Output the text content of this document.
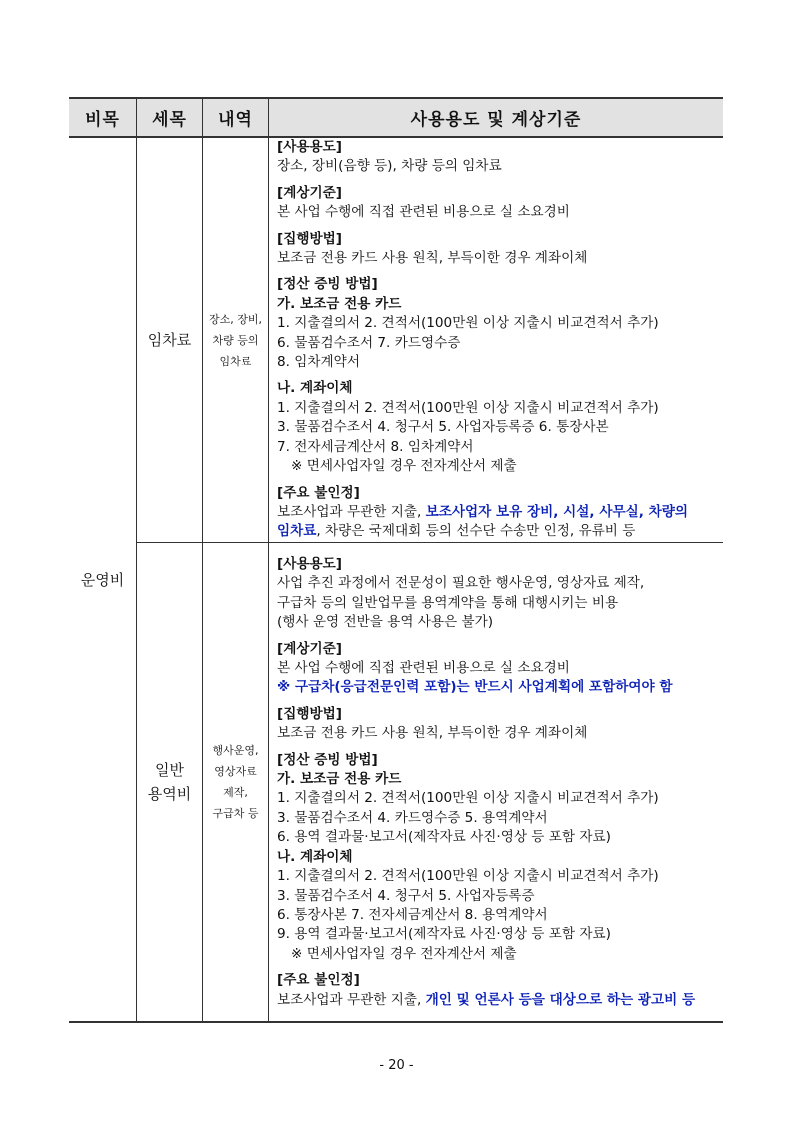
비목 세목 내역	사용용도 및 계상기준
운영비
임차료
장소, 장비,
차량 등의
임차료
일반
용역비
행사운영,
영상자료
제작,
구급차 등
[사용용도]
장소, 장비(음향 등), 차량 등의 임차료
[계상기준]
본 사업 수행에 직접 관련된 비용으로 실 소요경비
[집행방법]
보조금 전용 카드 사용 원칙, 부득이한 경우 계좌이체
[정산 증빙 방법]
가. 보조금 전용 카드
1. 지출결의서 2. 견적서(100만원 이상 지출시 비교견적서 추가)
6. 물품검수조서 7. 카드영수증
8. 임차계약서
나. 계좌이체
1. 지출결의서 2. 견적서(100만원 이상 지출시 비교견적서 추가)
3. 물품검수조서 4. 청구서 5. 사업자등록증 6. 통장사본
7. 전자세금계산서 8. 임차계약서
※ 면세사업자일 경우 전자계산서 제출
[주요 불인정]
보조사업과 무관한 지출, 보조사업자 보유 장비, 시설, 사무실, 차량의
임차료, 차량은 국제대회 등의 선수단 수송만 인정, 유류비 등
[사용용도]
사업 추진 과정에서 전문성이 필요한 행사운영, 영상자료 제작,
구급차 등의 일반업무를 용역계약을 통해 대행시키는 비용
(행사 운영 전반을 용역 사용은 불가)
[계상기준]
본 사업 수행에 직접 관련된 비용으로 실 소요경비
※ 구급차(응급전문인력 포함)는 반드시 사업계획에 포함하여야 함
[집행방법]
보조금 전용 카드 사용 원칙, 부득이한 경우 계좌이체
[정산 증빙 방법]
가. 보조금 전용 카드
1. 지출결의서 2. 견적서(100만원 이상 지출시 비교견적서 추가)
3. 물품검수조서 4. 카드영수증 5. 용역계약서
6. 용역 결과물·보고서(제작자료 사진·영상 등 포함 자료)
나. 계좌이체
1. 지출결의서 2. 견적서(100만원 이상 지출시 비교견적서 추가)
3. 물품검수조서 4. 청구서 5. 사업자등록증
6. 통장사본 7. 전자세금계산서 8. 용역계약서
9. 용역 결과물·보고서(제작자료 사진·영상 등 포함 자료)
※ 면세사업자일 경우 전자계산서 제출
[주요 불인정]
보조사업과 무관한 지출, 개인 및 언론사 등을 대상으로 하는 광고비 등
- 20 -
